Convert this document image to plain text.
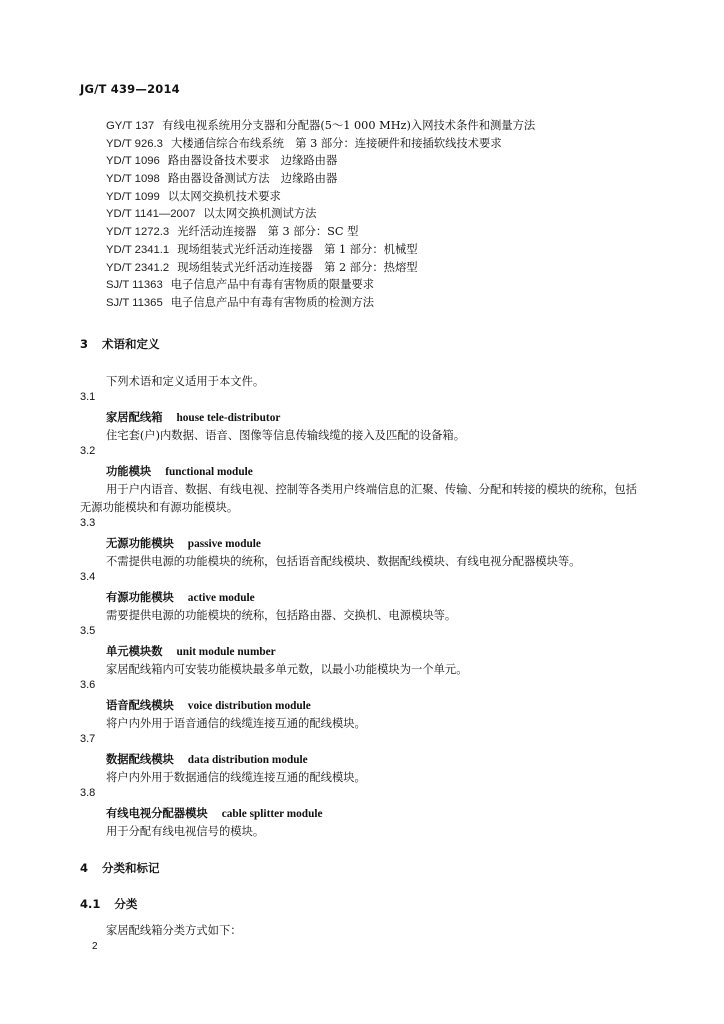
JG/T 439—2014
GY/T 137 有线电视系统用分支器和分配器(5～1 000 MHz)入网技术条件和测量方法
YD/T 926.3 大楼通信综合布线系统　第 3 部分：连接硬件和接插软线技术要求
YD/T 1096 路由器设备技术要求　边缘路由器
YD/T 1098 路由器设备测试方法　边缘路由器
YD/T 1099 以太网交换机技术要求
YD/T 1141—2007 以太网交换机测试方法
YD/T 1272.3 光纤活动连接器　第 3 部分：SC 型
YD/T 2341.1 现场组装式光纤活动连接器　第 1 部分：机械型
YD/T 2341.2 现场组装式光纤活动连接器　第 2 部分：热熔型
SJ/T 11363 电子信息产品中有毒有害物质的限量要求
SJ/T 11365 电子信息产品中有毒有害物质的检测方法
3 术语和定义
下列术语和定义适用于本文件。
3.1
家居配线箱 house tele-distributor
住宅套(户)内数据、语音、图像等信息传输线缆的接入及匹配的设备箱。
3.2
功能模块 functional module
用于户内语音、数据、有线电视、控制等各类用户终端信息的汇聚、传输、分配和转接的模块的统称，包括无源功能模块和有源功能模块。
3.3
无源功能模块 passive module
不需提供电源的功能模块的统称，包括语音配线模块、数据配线模块、有线电视分配器模块等。
3.4
有源功能模块 active module
需要提供电源的功能模块的统称，包括路由器、交换机、电源模块等。
3.5
单元模块数 unit module number
家居配线箱内可安装功能模块最多单元数，以最小功能模块为一个单元。
3.6
语音配线模块 voice distribution module
将户内外用于语音通信的线缆连接互通的配线模块。
3.7
数据配线模块 data distribution module
将户内外用于数据通信的线缆连接互通的配线模块。
3.8
有线电视分配器模块 cable splitter module
用于分配有线电视信号的模块。
4 分类和标记
4.1 分类
家居配线箱分类方式如下：
2
